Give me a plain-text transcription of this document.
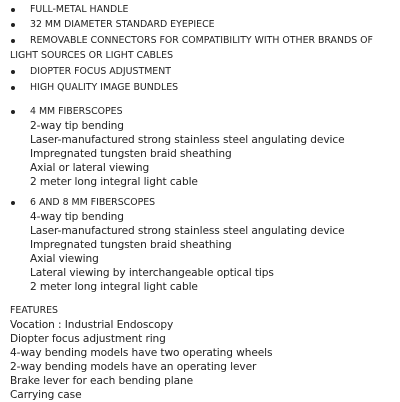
FULL-METAL HANDLE
32 MM DIAMETER STANDARD EYEPIECE
REMOVABLE CONNECTORS FOR COMPATIBILITY WITH OTHER BRANDS OF
LIGHT SOURCES OR LIGHT CABLES
DIOPTER FOCUS ADJUSTMENT
HIGH QUALITY IMAGE BUNDLES
4 MM FIBERSCOPES
2-way tip bending
Laser-manufactured strong stainless steel angulating device
Impregnated tungsten braid sheathing
Axial or lateral viewing
2 meter long integral light cable
6 AND 8 MM FIBERSCOPES
4-way tip bending
Laser-manufactured strong stainless steel angulating device
Impregnated tungsten braid sheathing
Axial viewing
Lateral viewing by interchangeable optical tips
2 meter long integral light cable
FEATURES
Vocation : Industrial Endoscopy
Diopter focus adjustment ring
4-way bending models have two operating wheels
2-way bending models have an operating lever
Brake lever for each bending plane
Carrying case
